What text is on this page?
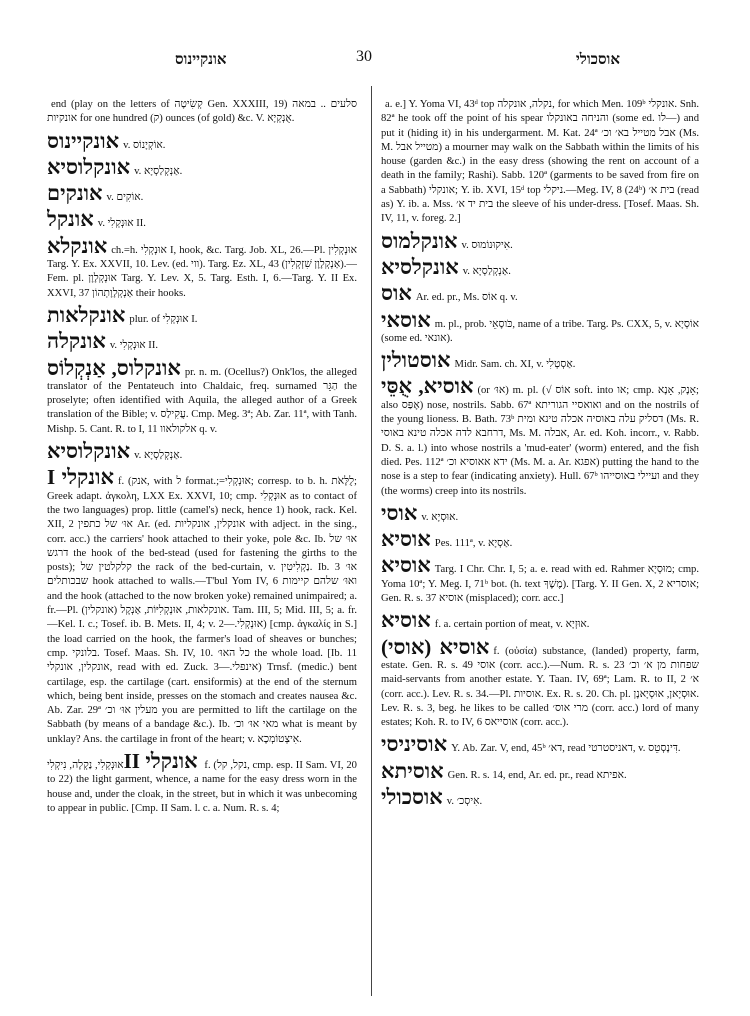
אונקיינוס	30	אוסכולי

end (play on the letters of קְשִׂיטָה Gen. XXXIII, 19) סלעים .. במאה אונקיות for one hundred (ק) ounces (of gold) &c. V. אֻנְקְיָא.

אונקיינוס v. אוֹקְיָנוֹס.

אונקלוסיא v. אַנְקְלַסְיָא.

אונקים v. אוֹקִים.

אונקל v. אוּנְקְלִי II.

אונקלא ch.=h. אוּנְקְלִי I, hook, &c. Targ. Job. XL, 26.—Pl. אוּנְקְלִין Targ. Y. Ex. XXVII, 10. Lev. (ed. ווי). Targ. Ez. XL, 43 (אַנְקְלָוָן שִׁזְקְלִין).—Fem. pl. אוּנְקְלָוָן Targ. Y. Lev. X, 5. Targ. Esth. I, 6.—Targ. Y. II Ex. XXVI, 37 אַנְקְלָוָתְהוֹן their hooks.

אונקלאות plur. of אוּנְקְלִי I.

אונקלה v. אוּנְקְלִי II.

אונקלוס, אַנְקְלוֹס pr. n. m. (Ocellus?) Onk'los, the alleged translator of the Pentateuch into Chaldaic, freq. surnamed הַגֵּר the proselyte; often identified with Aquila, the alleged author of a Greek translation of the Bible; v. עֲקִילַס. Cmp. Meg. 3ª; Ab. Zar. 11ª, with Tanh. Mishp. 5. Cant. R. to I, 11 אלקולאוו q. v.

אונקלוסיא v. אַנְקְלַסְיָא.

אונקלי I f. (אנק, with ל format.;=אוּנְקְלִי; corresp. to b. h. לֻלָּאֹת; Greek adapt. ἀγκολη, LXX Ex. XXVI, 10; cmp. אוּנְקְלִי as to contact of the two languages) prop. little (camel's) neck, hence 1) hook, rack. Kel. XII, 2 אוּ׳ של כתפין Ar. (ed. אונקלין, אונקליות with adject. in the sing., corr. acc.) the carriers' hook attached to their yoke, pole &c. Ib. אוּ׳ של דרגש the hook of the bed-stead (used for fastening the girths to the posts); קלקלטין של the rack of the bed-curtain, v. נַקְלִיטִין. Ib. 3 אוּ׳ שבכותלים hook attached to walls.—T'bul Yom IV, 6 ואוּ׳ שלהם קיימות and the hook (attached to the now broken yoke) remained unimpaired; a. fr.—Pl. אונקלאות, אוּנְקְלִיּוֹת, אַנְקָל (אונקלין). Tam. III, 5; Mid. III, 5; a. fr.—Kel. I. c.; Tosef. ib. B. Mets. II, 4; v. אוּנְקְלִי.—2) [cmp. ἀγκαλίς in S.] the load carried on the hook, the farmer's load of sheaves or bunches; cmp. בלונקי. Tosef. Maas. Sh. IV, 10. כל האוּ׳ the whole load. [Ib. 11 אונקלין, אונקלי, read with ed. Zuck. אינפלי.—3) Trnsf. (medic.) bent cartilage, esp. the cartilage (cart. ensiformis) at the end of the sternum which, being bent inside, presses on the stomach and creates nausea &c. Ab. Zar. 29ª מעלין אוּ׳ וכ׳ you are permitted to lift the cartilage on the Sabbath (by means of a bandage &c.). Ib. מאי אוּ׳ וכ׳ what is meant by unklay? Ans. the cartilage in front of the heart; v. אִיצְטוֹמְכָא.

אונקלי IIאוּנְקְלִי, נַקְלָה, נִיקְלִי f. (נקל, קל, cmp. esp. II Sam. VI, 20 to 22) the light garment, whence, a name for the easy dress worn in the house and, under the cloak, in the street, but in which it was unbecoming to appear in public. [Cmp. II Sam. l. c. a. Num. R. s. 4;

a. e.] Y. Yoma VI, 43ᵈ top נקלה, אונקלה, for which Men. 109ᵇ אונקלי. Snh. 82ª he took off the point of his spear והניחה באונקלו (some ed. לו—) and put it (hiding it) in his undergarment. M. Kat. 24ª אבל מטייל בא׳ וכ׳ (Ms. M. מטייל אבל) a mourner may walk on the Sabbath within the limits of his house (garden &c.) in the easy dress (showing the rent on account of a death in the family; Rashi). Sabb. 120ª (garments to be saved from fire on a Sabbath) אונקלי; Y. ib. XVI, 15ᵈ top ניקלי.—Meg. IV, 8 (24ᵇ) בית א׳ (read as) Y. ib. a. Mss. בית יד א׳ the sleeve of his under-dress. [Tosef. Maas. Sh. IV, 11, v. foreg. 2.]

אונקלמוס v. אִיקוּנוֹמוּס.

אונקלסיא v. אַנְקְלַסְיָא.

אוס Ar. ed. pr., Ms. אוֹס q. v.

אוסאי m. pl., prob. כֹּוסָאֵי, name of a tribe. Targ. Ps. CXX, 5, v. אוֹסְיָא (some ed. אונאי).

אוסטולין Midr. Sam. ch. XI, v. אַסְטְלִי.

אוסיא, אֻסֵּי (or אוּ׳) m. pl. (√ אוֹס soft. into או; cmp. אָנָק, אָנָא; also אָפַּס) nose, nostrils. Sabb. 67ª ואואסיי הגוריתא and on the nostrils of the young lioness. B. Bath. 73ᵇ דסליק עלה באוסיה אכלה טינא ומית (Ms. R. דרחבא לדה אכלה טינא באוסי, Ms. M. אבלה, Ar. ed. Koh. incorr., v. Rabb. D. S. a. l.) into whose nostrils a 'mud-eater' (worm) entered, and the fish died. Pes. 112ª ידא אאוסיא וכ׳ (Ms. M. a. Ar. אפגא) putting the hand to the nose is a step to fear (indicating anxiety). Hull. 67ᵇ ועיילי באוסייהו and they (the worms) creep into its nostrils.

אוסי v. אוּסְיָא.

אוסיא Pes. 111ª, v. אַסְיָא.

אוסיא Targ. I Chr. Chr. I, 5; a. e. read with ed. Rahmer מוּסְיָא; cmp. Yoma 10ª; Y. Meg. I, 71ᵇ bot. (h. text מֶשֶׁךְ). [Targ. Y. II Gen. X, 2 אוסריא; Gen. R. s. 37 אוסיא (misplaced); corr. acc.]

אוסיא f. a. certain portion of meat, v. אוּזְיָא.

אוסיא (אוסי) f. (οὐσία) substance, (landed) property, farm, estate. Gen. R. s. 49 אוסי (corr. acc.).—Num. R. s. 23 שפחות מן א׳ וכ׳ maid-servants from another estate. Y. Taan. IV, 69ª; Lam. R. to II, 2 א׳ (corr. acc.). Lev. R. s. 34.—Pl. אוסיות. Ex. R. s. 20. Ch. pl. אוּסְיָאן, אוּסְיָאנָן. Lev. R. s. 3, beg. he likes to be called מרי אוס׳ (corr. acc.) lord of many estates; Koh. R. to IV, 6 אוסייאס (corr. acc.).

אוסיניסי Y. Ab. Zar. V, end, 45ᵇ דא׳, read דאניסטרטי, v. דִּינָסְטֵס.

אוסיתא Gen. R. s. 14, end, Ar. ed. pr., read אפיתא.

אוסכולי v. אִיסְכ׳.
